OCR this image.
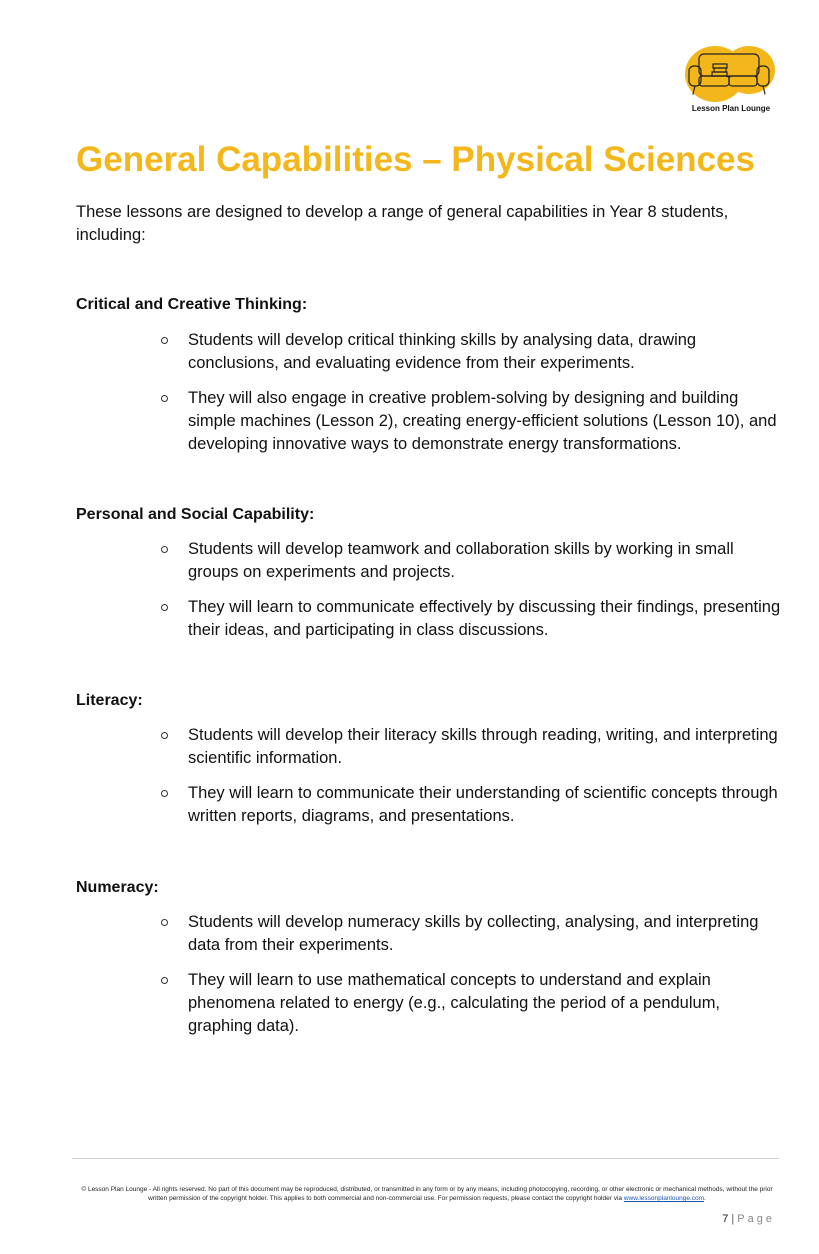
Lesson Plan Lounge
General Capabilities – Physical Sciences

These lessons are designed to develop a range of general capabilities in Year 8 students, including:

Critical and Creative Thinking:
Students will develop critical thinking skills by analysing data, drawing conclusions, and evaluating evidence from their experiments.
They will also engage in creative problem-solving by designing and building simple machines (Lesson 2), creating energy-efficient solutions (Lesson 10), and developing innovative ways to demonstrate energy transformations.
Personal and Social Capability:
Students will develop teamwork and collaboration skills by working in small groups on experiments and projects.
They will learn to communicate effectively by discussing their findings, presenting their ideas, and participating in class discussions.
Literacy:
Students will develop their literacy skills through reading, writing, and interpreting scientific information.
They will learn to communicate their understanding of scientific concepts through written reports, diagrams, and presentations.
Numeracy:
Students will develop numeracy skills by collecting, analysing, and interpreting data from their experiments.
They will learn to use mathematical concepts to understand and explain phenomena related to energy (e.g., calculating the period of a pendulum, graphing data).

© Lesson Plan Lounge - All rights reserved. No part of this document may be reproduced, distributed, or transmitted in any form or by any means, including photocopying, recording, or other electronic or mechanical methods, without the prior written permission of the copyright holder. This applies to both commercial and non-commercial use. For permission requests, please contact the copyright holder via www.lessonplanlounge.com.

7 | Page
